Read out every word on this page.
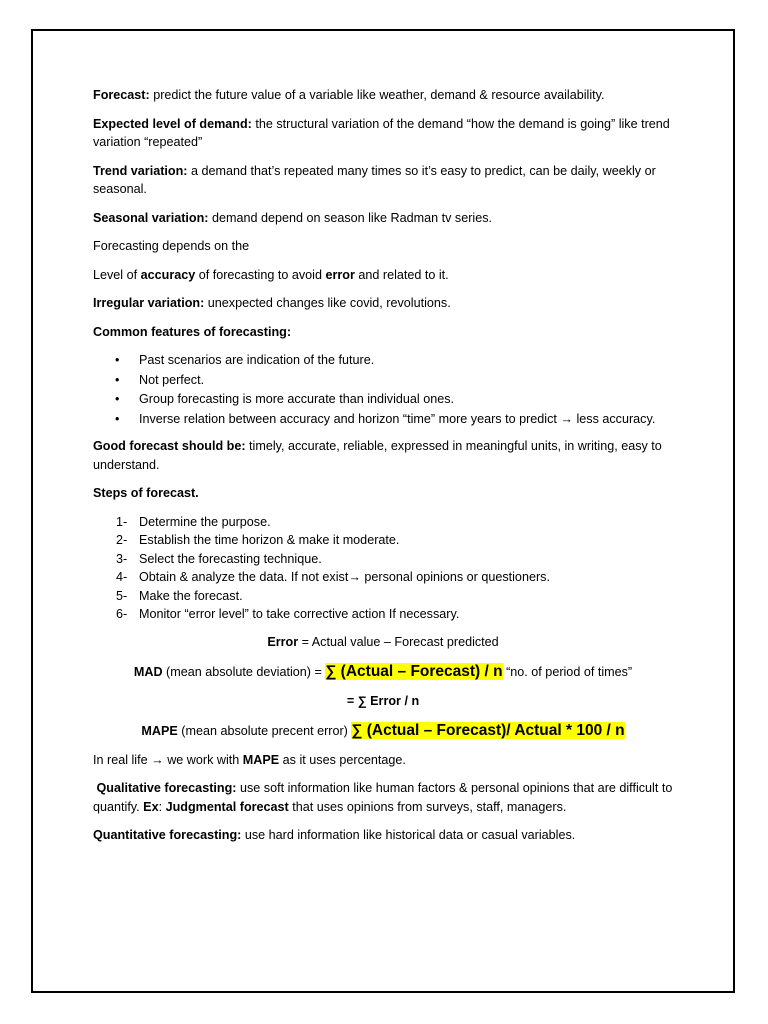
Forecast: predict the future value of a variable like weather, demand & resource availability.

Expected level of demand: the structural variation of the demand “how the demand is going” like trend variation “repeated”

Trend variation: a demand that’s repeated many times so it’s easy to predict, can be daily, weekly or seasonal.

Seasonal variation: demand depend on season like Radman tv series.

Forecasting depends on the

Level of accuracy of forecasting to avoid error and related to it.

Irregular variation: unexpected changes like covid, revolutions.

Common features of forecasting:

• Past scenarios are indication of the future.
• Not perfect.
• Group forecasting is more accurate than individual ones.
• Inverse relation between accuracy and horizon “time” more years to predict → less accuracy.

Good forecast should be: timely, accurate, reliable, expressed in meaningful units, in writing, easy to understand.

Steps of forecast.

1- Determine the purpose.
2- Establish the time horizon & make it moderate.
3- Select the forecasting technique.
4- Obtain & analyze the data. If not exist→ personal opinions or questioners.
5- Make the forecast.
6- Monitor “error level” to take corrective action If necessary.

Error = Actual value – Forecast predicted

MAD (mean absolute deviation) = ∑ (Actual – Forecast) / n “no. of period of times”

= ∑ Error / n

MAPE (mean absolute precent error) ∑ (Actual – Forecast)/ Actual * 100 / n

In real life → we work with MAPE as it uses percentage.

Qualitative forecasting: use soft information like human factors & personal opinions that are difficult to quantify. Ex: Judgmental forecast that uses opinions from surveys, staff, managers.

Quantitative forecasting: use hard information like historical data or casual variables.
